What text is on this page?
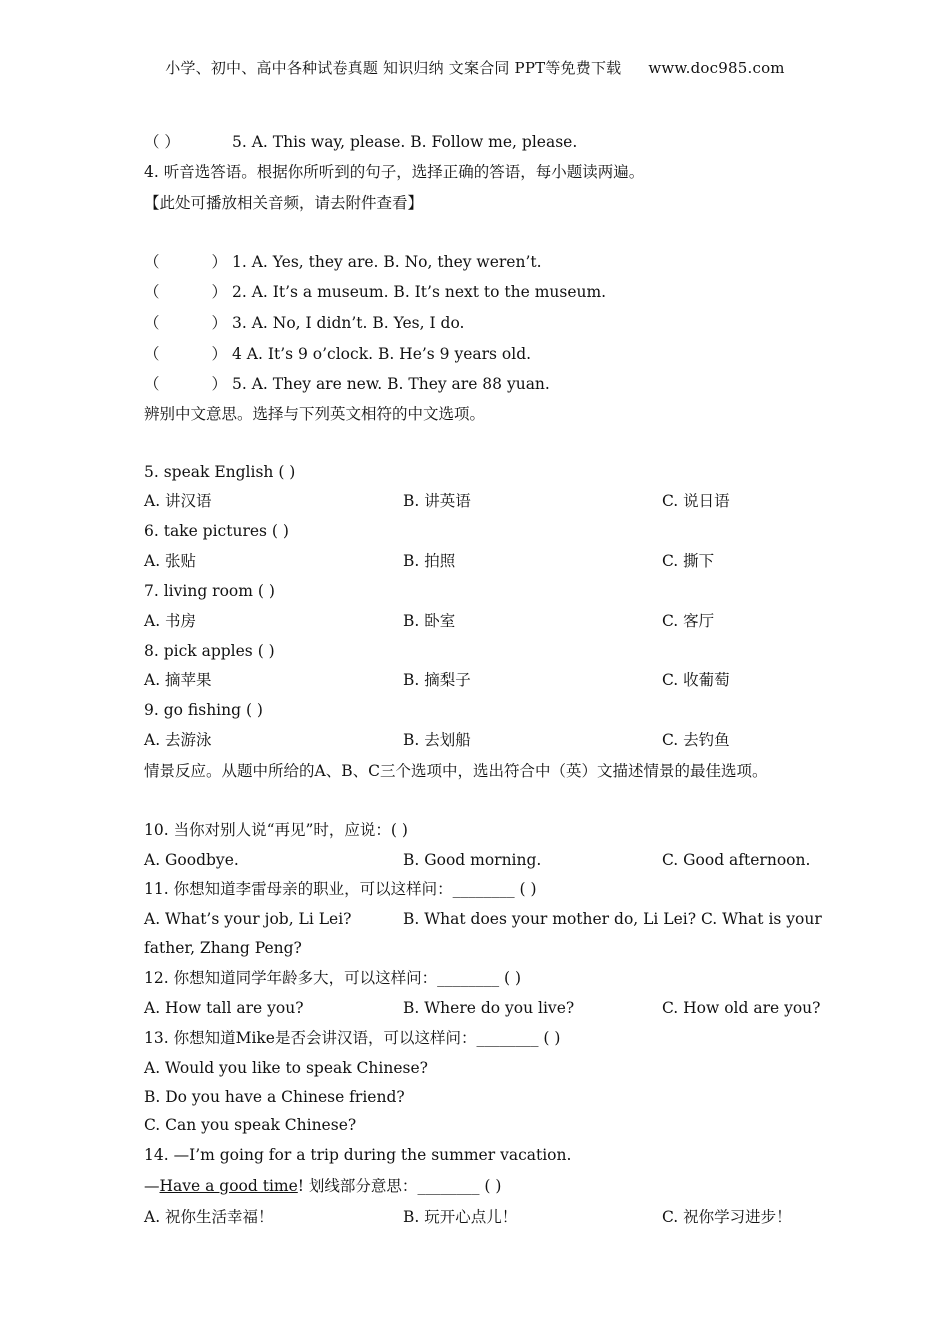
小学、初中、高中各种试卷真题 知识归纳 文案合同 PPT等免费下载 www.doc985.com
（ ）	5. A. This way, please. B. Follow me, please.
4. 听音选答语。根据你所听到的句子，选择正确的答语，每小题读两遍。
【此处可播放相关音频，请去附件查看】
（	） 1. A. Yes, they are. B. No, they weren’t.
（	） 2. A. It’s a museum. B. It’s next to the museum.
（	） 3. A. No, I didn’t. B. Yes, I do.
（	） 4 A. It’s 9 o’clock. B. He’s 9 years old.
（	） 5. A. They are new. B. They are 88 yuan.
辨别中文意思。选择与下列英文相符的中文选项。
5. speak English ( )
A. 讲汉语	B. 讲英语	C. 说日语
6. take pictures ( )
A. 张贴	B. 拍照	C. 撕下
7. living room ( )
A. 书房	B. 卧室	C. 客厅
8. pick apples ( )
A. 摘苹果	B. 摘梨子	C. 收葡萄
9. go fishing ( )
A. 去游泳	B. 去划船	C. 去钓鱼
情景反应。从题中所给的A、B、C三个选项中，选出符合中（英）文描述情景的最佳选项。
10. 当你对别人说“再见”时，应说：( )
A. Goodbye.	B. Good morning.	C. Good afternoon.
11. 你想知道李雷母亲的职业，可以这样问：________ ( )
A. What’s your job, Li Lei?	B. What does your mother do, Li Lei? C. What is your
father, Zhang Peng?
12. 你想知道同学年龄多大，可以这样问：________ ( )
A. How tall are you?	B. Where do you live?	C. How old are you?
13. 你想知道Mike是否会讲汉语，可以这样问：________ ( )
A. Would you like to speak Chinese?
B. Do you have a Chinese friend?
C. Can you speak Chinese?
14. —I’m going for a trip during the summer vacation.
—Have a good time! 划线部分意思：________ ( )
A. 祝你生活幸福！	B. 玩开心点儿！	C. 祝你学习进步！
